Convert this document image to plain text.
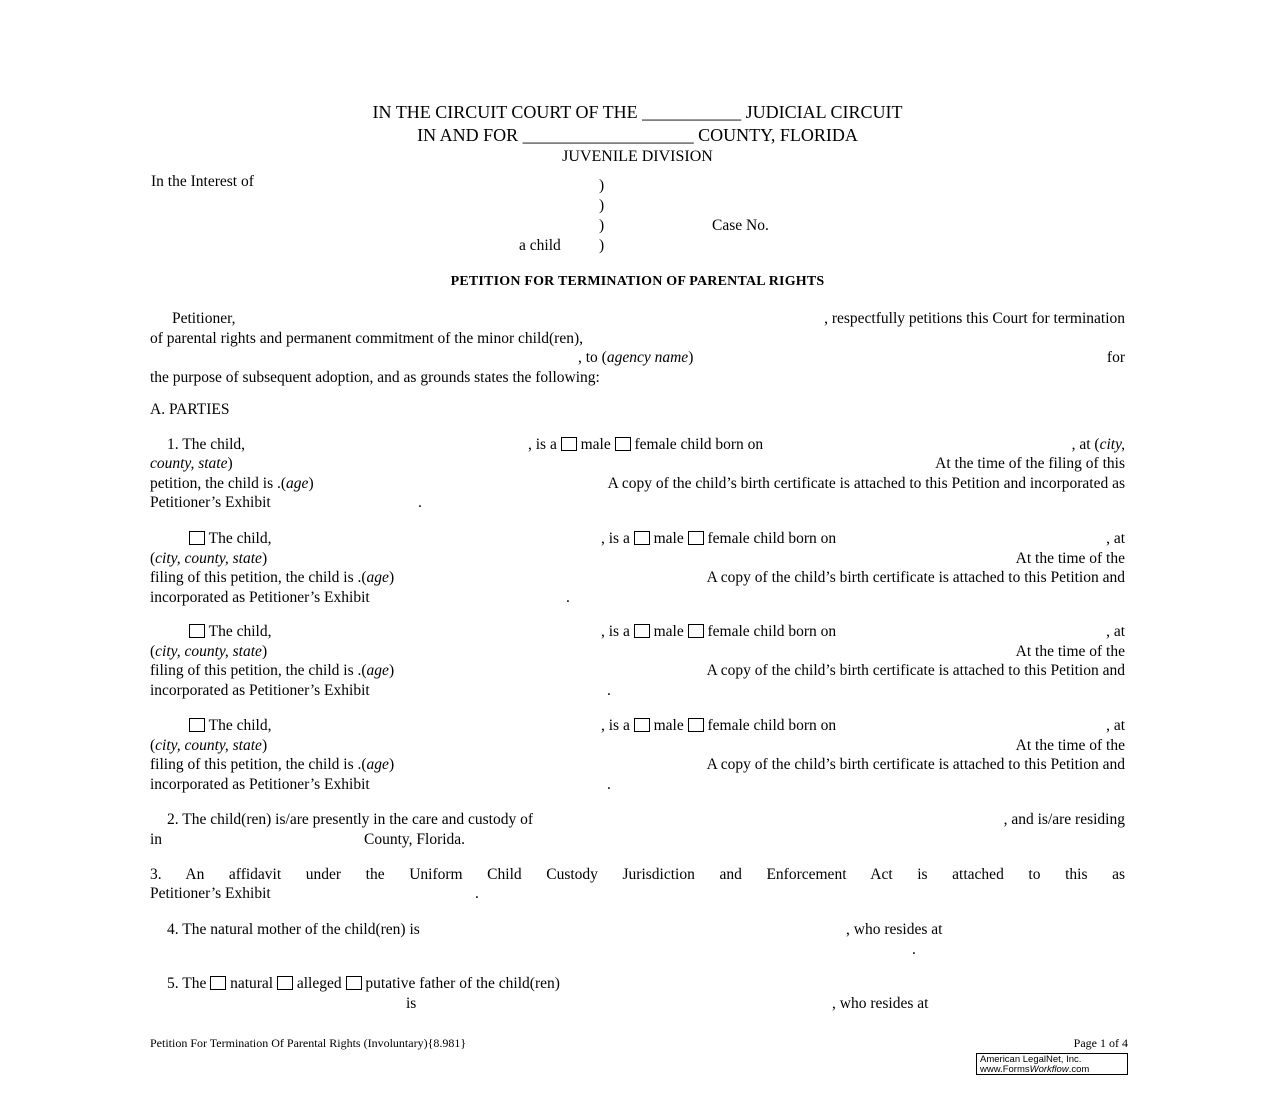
IN THE CIRCUIT COURT OF THE ___________ JUDICIAL CIRCUIT
IN AND FOR ___________________ COUNTY, FLORIDA
JUVENILE DIVISION
In the Interest of	)
)
)	Case No.
a child )
PETITION FOR TERMINATION OF PARENTAL RIGHTS
Petitioner,	, respectfully petitions this Court for termination
of parental rights and permanent commitment of the minor child(ren),
, to (agency name)	for
the purpose of subsequent adoption, and as grounds states the following:
A. PARTIES
1. The child,	, is a male female child born on	, at (city,
county, state)	At the time of the filing of this
petition, the child is .(age)	A copy of the child’s birth certificate is attached to this Petition and incorporated as
Petitioner’s Exhibit	.
The child,	, is a male female child born on	, at
(city, county, state)	At the time of the
filing of this petition, the child is .(age)	A copy of the child’s birth certificate is attached to this Petition and
incorporated as Petitioner’s Exhibit	.
The child,	, is a male female child born on	, at
(city, county, state)	At the time of the
filing of this petition, the child is .(age)	A copy of the child’s birth certificate is attached to this Petition and
incorporated as Petitioner’s Exhibit	.
The child,	, is a male female child born on	, at
(city, county, state)	At the time of the
filing of this petition, the child is .(age)	A copy of the child’s birth certificate is attached to this Petition and
incorporated as Petitioner’s Exhibit	.
2. The child(ren) is/are presently in the care and custody of	, and is/are residing
in	County, Florida.
3. An affidavit under the Uniform Child Custody Jurisdiction and Enforcement Act is attached to this as
Petitioner’s Exhibit	.
4. The natural mother of the child(ren) is	, who resides at
.
5. The natural alleged putative father of the child(ren)
is	, who resides at
Petition For Termination Of Parental Rights (Involuntary){8.981}	Page 1 of 4
American LegalNet, Inc.
www.FormsWorkflow.com
